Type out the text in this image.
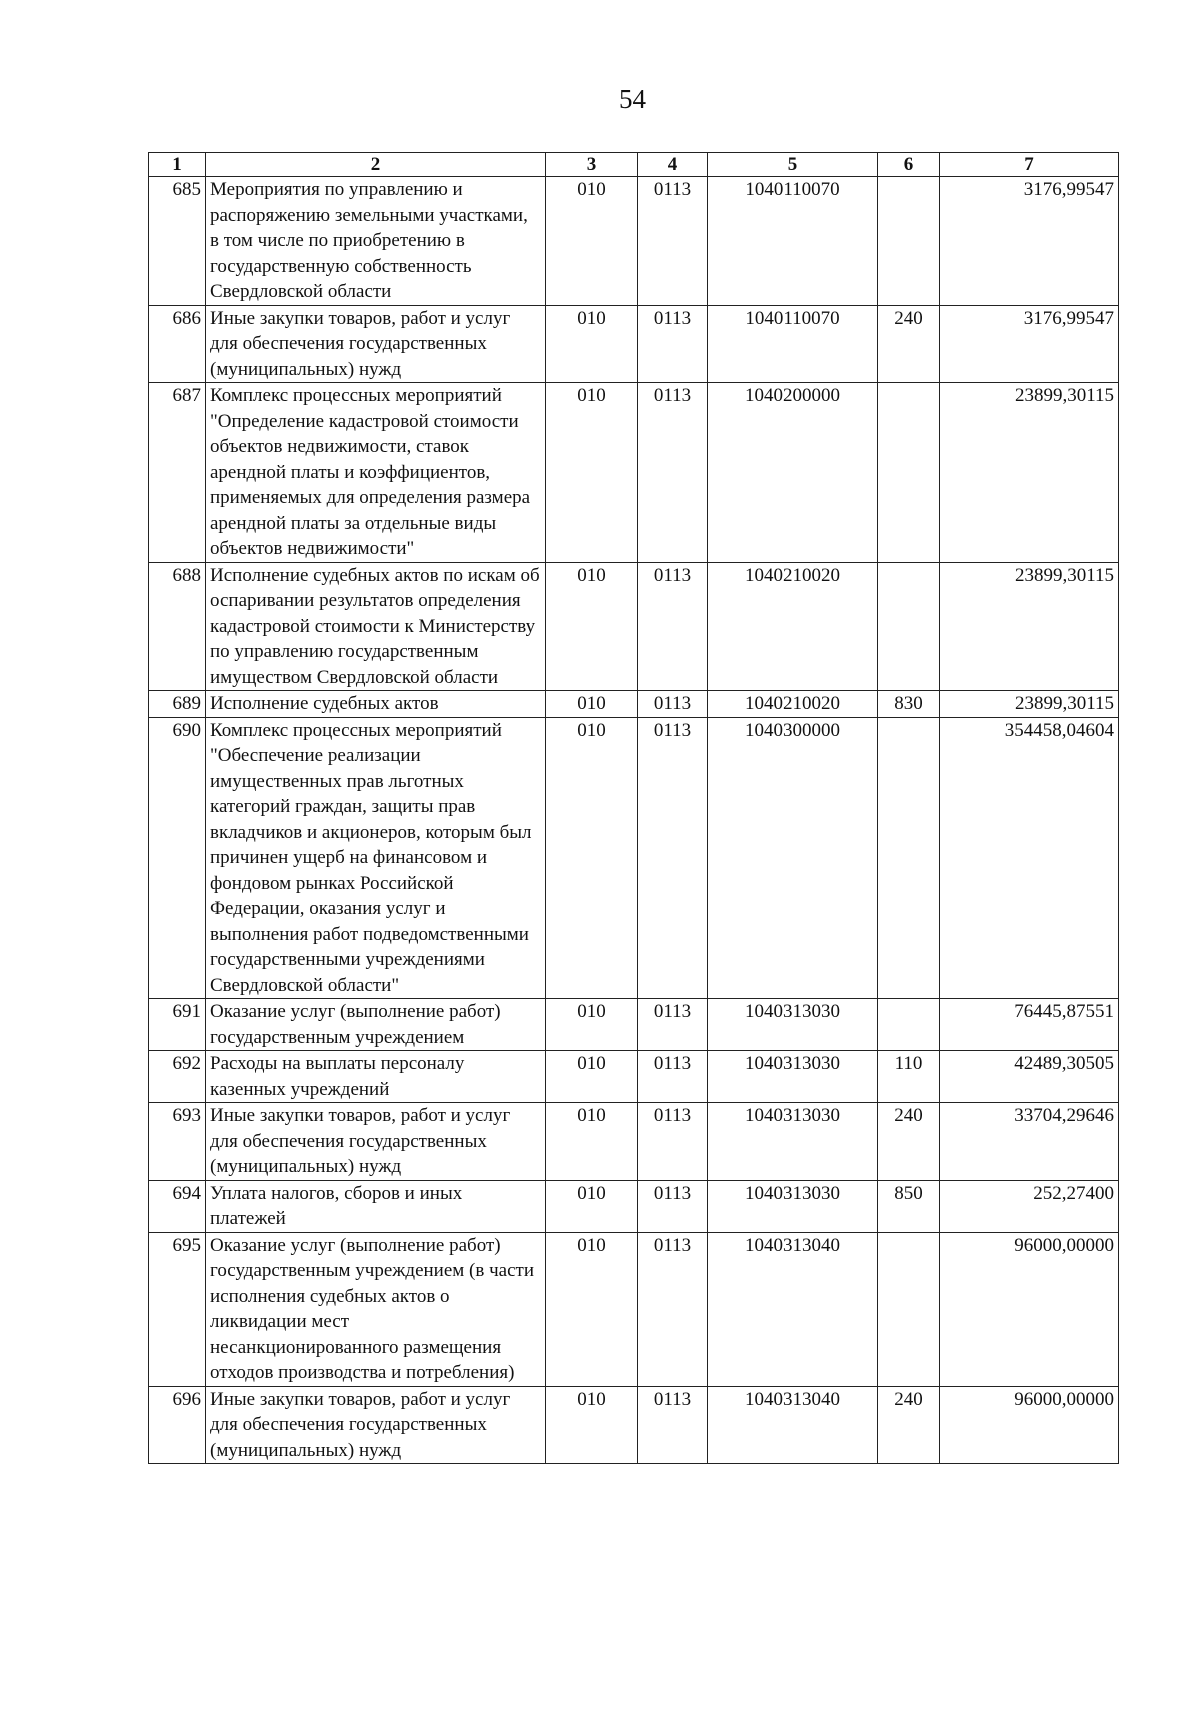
54
1	2	3	4	5	6	7
685	Мероприятия по управлению и распоряжению земельными участками, в том числе по приобретению в государственную собственность Свердловской области	010	0113	1040110070		3176,99547
686	Иные закупки товаров, работ и услуг для обеспечения государственных (муниципальных) нужд	010	0113	1040110070	240	3176,99547
687	Комплекс процессных мероприятий "Определение кадастровой стоимости объектов недвижимости, ставок арендной платы и коэффициентов, применяемых для определения размера арендной платы за отдельные виды объектов недвижимости"	010	0113	1040200000		23899,30115
688	Исполнение судебных актов по искам об оспаривании результатов определения кадастровой стоимости к Министерству по управлению государственным имуществом Свердловской области	010	0113	1040210020		23899,30115
689	Исполнение судебных актов	010	0113	1040210020	830	23899,30115
690	Комплекс процессных мероприятий "Обеспечение реализации имущественных прав льготных категорий граждан, защиты прав вкладчиков и акционеров, которым был причинен ущерб на финансовом и фондовом рынках Российской Федерации, оказания услуг и выполнения работ подведомственными государственными учреждениями Свердловской области"	010	0113	1040300000		354458,04604
691	Оказание услуг (выполнение работ) государственным учреждением	010	0113	1040313030		76445,87551
692	Расходы на выплаты персоналу казенных учреждений	010	0113	1040313030	110	42489,30505
693	Иные закупки товаров, работ и услуг для обеспечения государственных (муниципальных) нужд	010	0113	1040313030	240	33704,29646
694	Уплата налогов, сборов и иных платежей	010	0113	1040313030	850	252,27400
695	Оказание услуг (выполнение работ) государственным учреждением (в части исполнения судебных актов о ликвидации мест несанкционированного размещения отходов производства и потребления)	010	0113	1040313040		96000,00000
696	Иные закупки товаров, работ и услуг для обеспечения государственных (муниципальных) нужд	010	0113	1040313040	240	96000,00000
